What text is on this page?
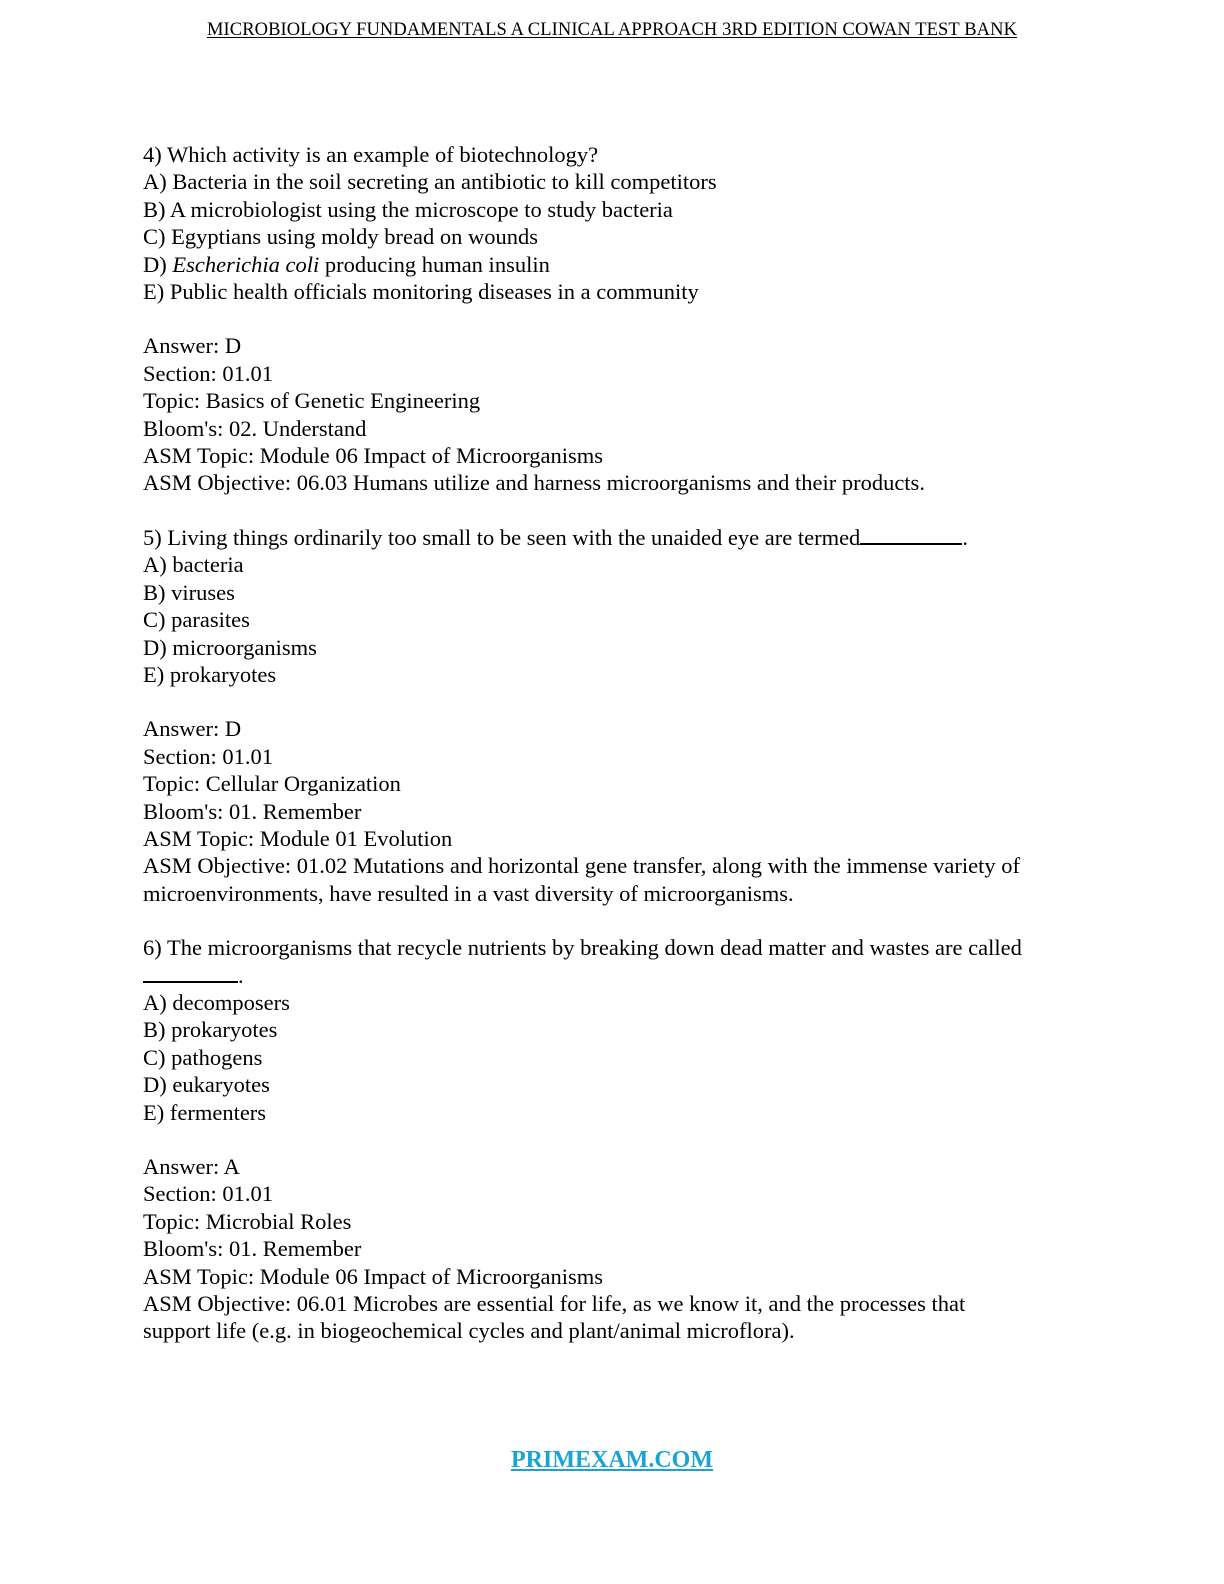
MICROBIOLOGY FUNDAMENTALS A CLINICAL APPROACH 3RD EDITION COWAN TEST BANK
4) Which activity is an example of biotechnology?
A) Bacteria in the soil secreting an antibiotic to kill competitors
B) A microbiologist using the microscope to study bacteria
C) Egyptians using moldy bread on wounds
D) Escherichia coli producing human insulin
E) Public health officials monitoring diseases in a community
Answer: D
Section: 01.01
Topic: Basics of Genetic Engineering
Bloom's: 02. Understand
ASM Topic: Module 06 Impact of Microorganisms
ASM Objective: 06.03 Humans utilize and harness microorganisms and their products.
5) Living things ordinarily too small to be seen with the unaided eye are termed	.
A) bacteria
B) viruses
C) parasites
D) microorganisms
E) prokaryotes
Answer: D
Section: 01.01
Topic: Cellular Organization
Bloom's: 01. Remember
ASM Topic: Module 01 Evolution
ASM Objective: 01.02 Mutations and horizontal gene transfer, along with the immense variety of
microenvironments, have resulted in a vast diversity of microorganisms.
6) The microorganisms that recycle nutrients by breaking down dead matter and wastes are called
.
A) decomposers
B) prokaryotes
C) pathogens
D) eukaryotes
E) fermenters
Answer: A
Section: 01.01
Topic: Microbial Roles
Bloom's: 01. Remember
ASM Topic: Module 06 Impact of Microorganisms
ASM Objective: 06.01 Microbes are essential for life, as we know it, and the processes that
support life (e.g. in biogeochemical cycles and plant/animal microflora).
PRIMEXAM.COM
